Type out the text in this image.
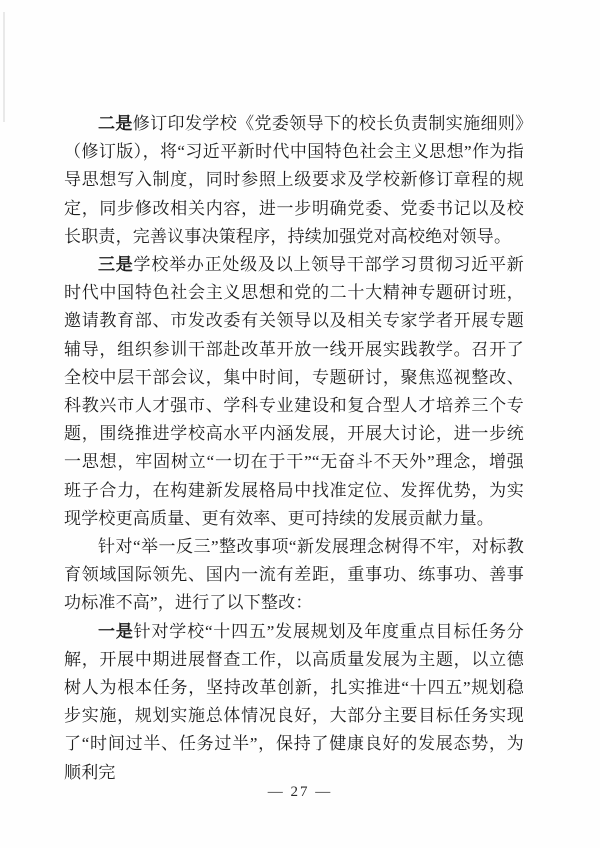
二是修订印发学校《党委领导下的校长负责制实施细则》（修订版），将“习近平新时代中国特色社会主义思想”作为指导思想写入制度，同时参照上级要求及学校新修订章程的规定，同步修改相关内容，进一步明确党委、党委书记以及校长职责，完善议事决策程序，持续加强党对高校绝对领导。

三是学校举办正处级及以上领导干部学习贯彻习近平新时代中国特色社会主义思想和党的二十大精神专题研讨班，邀请教育部、市发改委有关领导以及相关专家学者开展专题辅导，组织参训干部赴改革开放一线开展实践教学。召开了全校中层干部会议，集中时间，专题研讨，聚焦巡视整改、科教兴市人才强市、学科专业建设和复合型人才培养三个专题，围绕推进学校高水平内涵发展，开展大讨论，进一步统一思想，牢固树立“一切在于干”“无奋斗不天外”理念，增强班子合力，在构建新发展格局中找准定位、发挥优势，为实现学校更高质量、更有效率、更可持续的发展贡献力量。

针对“举一反三”整改事项“新发展理念树得不牢，对标教育领域国际领先、国内一流有差距，重事功、练事功、善事功标准不高”，进行了以下整改：

一是针对学校“十四五”发展规划及年度重点目标任务分解，开展中期进展督查工作，以高质量发展为主题，以立德树人为根本任务，坚持改革创新，扎实推进“十四五”规划稳步实施，规划实施总体情况良好，大部分主要目标任务实现了“时间过半、任务过半”，保持了健康良好的发展态势，为顺利完

— 27 —
